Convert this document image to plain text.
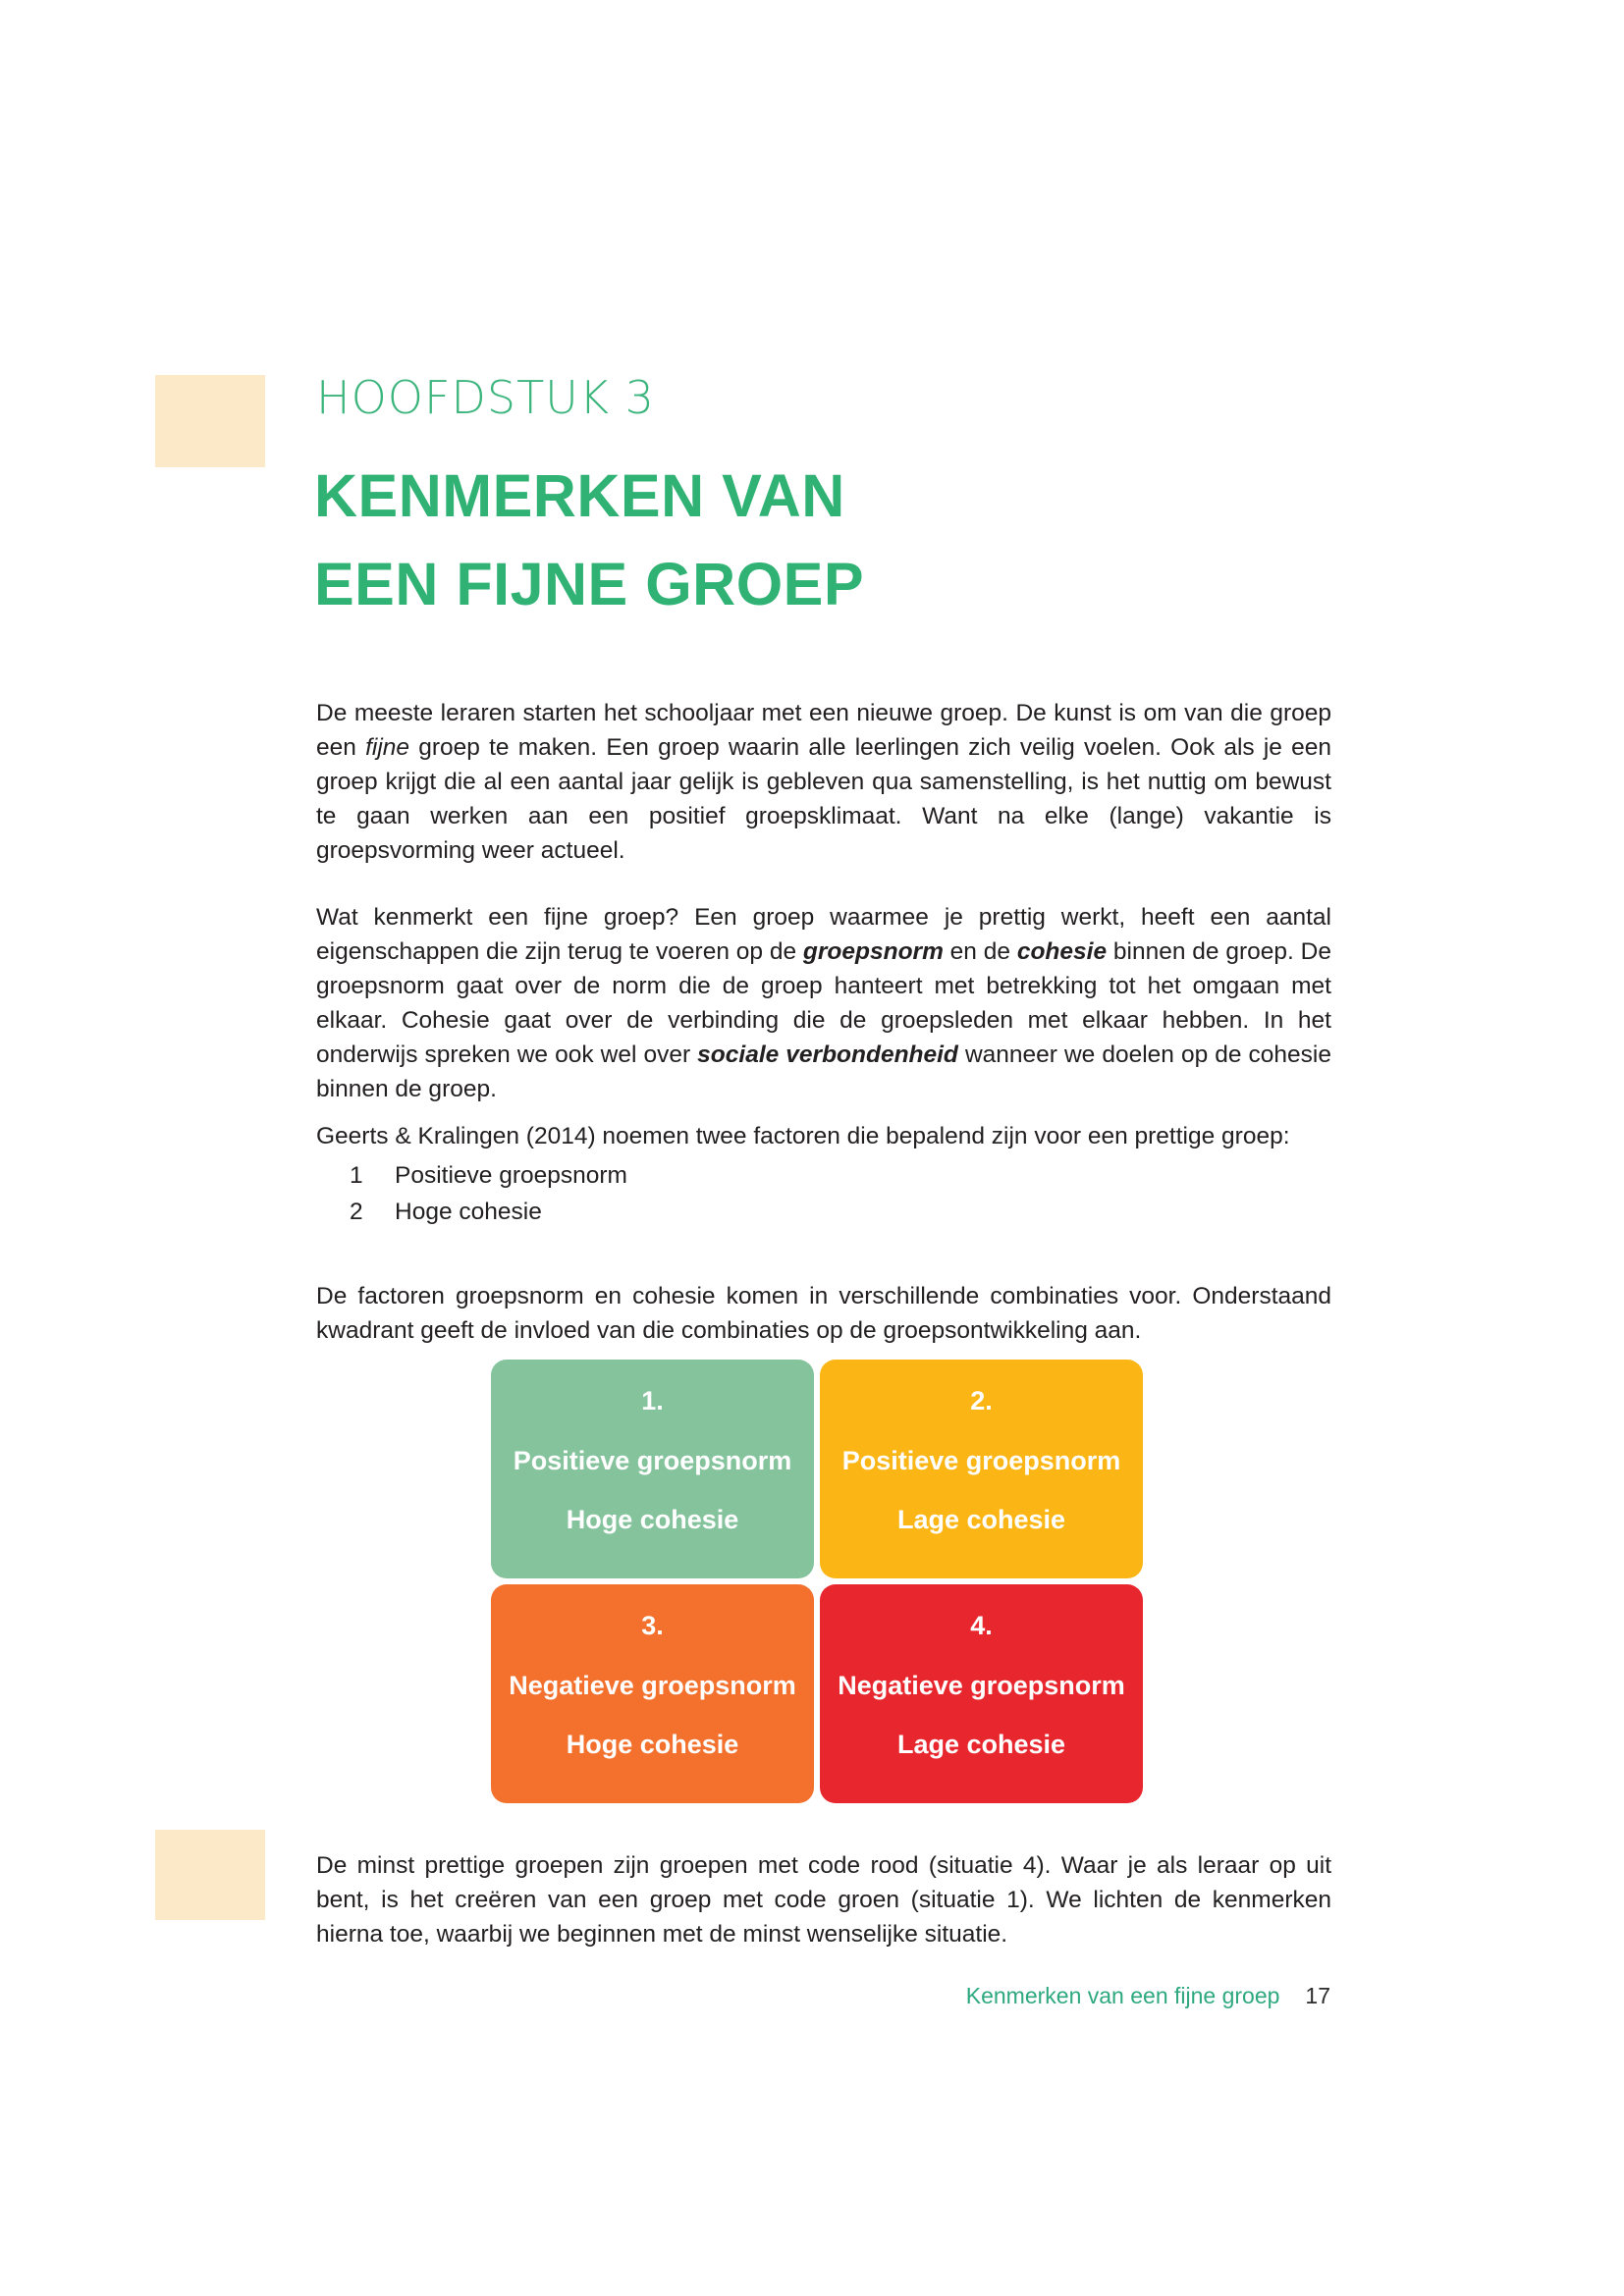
HOOFDSTUK 3
KENMERKEN VAN
EEN FIJNE GROEP

De meeste leraren starten het schooljaar met een nieuwe groep. De kunst is om van die groep een fijne groep te maken. Een groep waarin alle leerlingen zich veilig voelen. Ook als je een groep krijgt die al een aantal jaar gelijk is gebleven qua samenstelling, is het nuttig om bewust te gaan werken aan een positief groepsklimaat. Want na elke (lange) vakantie is groepsvorming weer actueel.

Wat kenmerkt een fijne groep? Een groep waarmee je prettig werkt, heeft een aantal eigenschappen die zijn terug te voeren op de groepsnorm en de cohesie binnen de groep. De groepsnorm gaat over de norm die de groep hanteert met betrekking tot het omgaan met elkaar. Cohesie gaat over de verbinding die de groepsleden met elkaar hebben. In het onderwijs spreken we ook wel over sociale verbondenheid wanneer we doelen op de cohesie binnen de groep.

Geerts & Kralingen (2014) noemen twee factoren die bepalend zijn voor een prettige groep:
1	Positieve groepsnorm
2	Hoge cohesie

De factoren groepsnorm en cohesie komen in verschillende combinaties voor. Onderstaand kwadrant geeft de invloed van die combinaties op de groepsontwikkeling aan.

1.
Positieve groepsnorm
Hoge cohesie
2.
Positieve groepsnorm
Lage cohesie
3.
Negatieve groepsnorm
Hoge cohesie
4.
Negatieve groepsnorm
Lage cohesie

De minst prettige groepen zijn groepen met code rood (situatie 4). Waar je als leraar op uit bent, is het creëren van een groep met code groen (situatie 1). We lichten de kenmerken hierna toe, waarbij we beginnen met de minst wenselijke situatie.

Kenmerken van een fijne groep 17
